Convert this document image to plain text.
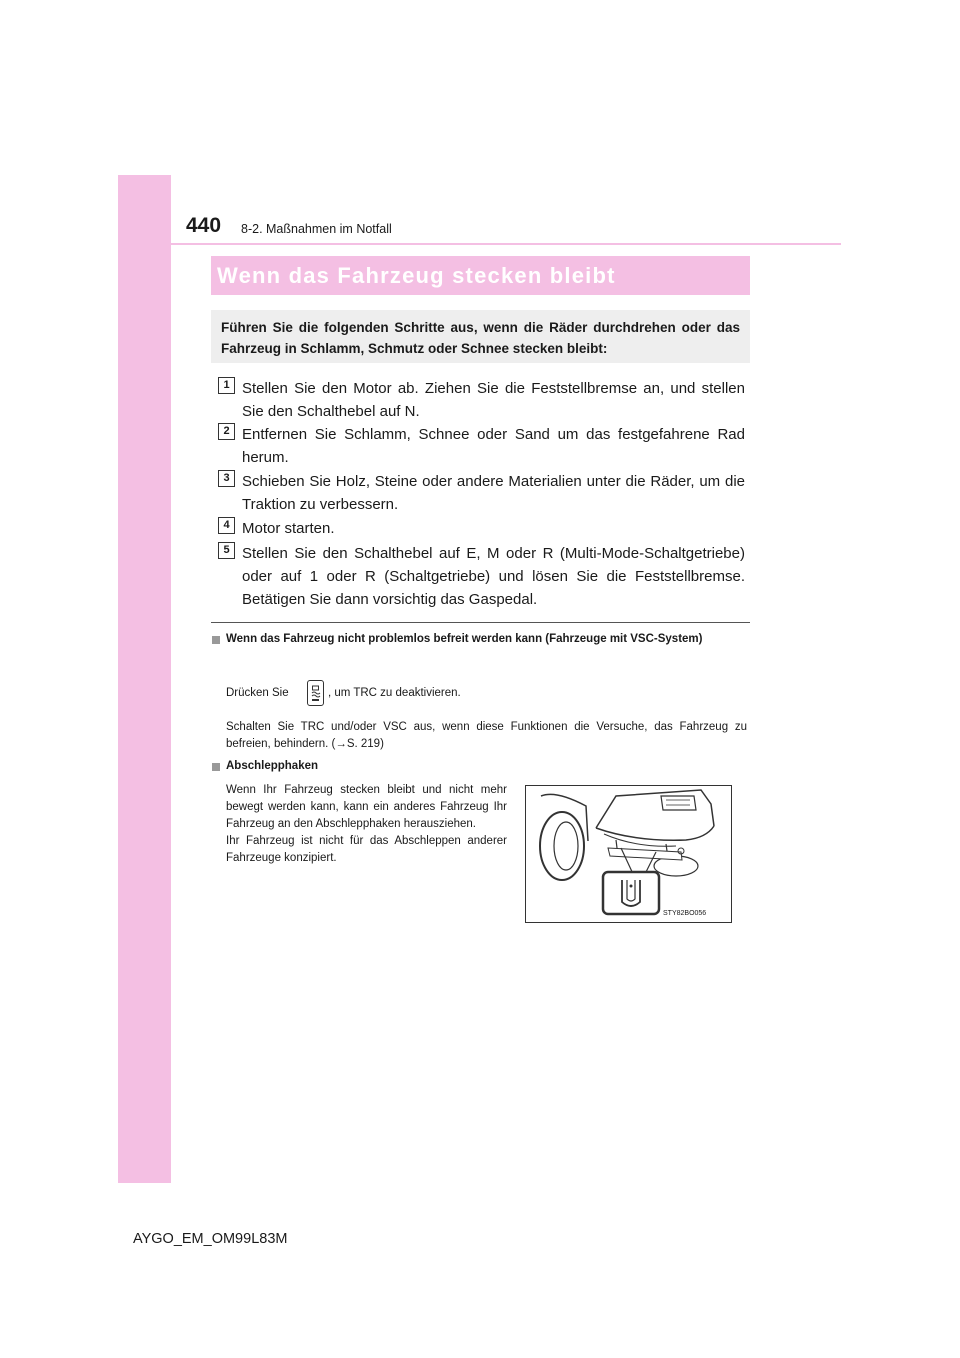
440 8-2. Maßnahmen im Notfall
Wenn das Fahrzeug stecken bleibt
Führen Sie die folgenden Schritte aus, wenn die Räder durchdrehen oder das Fahrzeug in Schlamm, Schmutz oder Schnee stecken bleibt:
1 Stellen Sie den Motor ab. Ziehen Sie die Feststellbremse an, und stellen Sie den Schalthebel auf N.
2 Entfernen Sie Schlamm, Schnee oder Sand um das festgefahrene Rad herum.
3 Schieben Sie Holz, Steine oder andere Materialien unter die Räder, um die Traktion zu verbessern.
4 Motor starten.
5 Stellen Sie den Schalthebel auf E, M oder R (Multi-Mode-Schaltgetriebe) oder auf 1 oder R (Schaltgetriebe) und lösen Sie die Feststellbremse. Betätigen Sie dann vorsichtig das Gaspedal.
Wenn das Fahrzeug nicht problemlos befreit werden kann (Fahrzeuge mit VSC-System)
Drücken Sie	, um TRC zu deaktivieren.
Schalten Sie TRC und/oder VSC aus, wenn diese Funktionen die Versuche, das Fahrzeug zu befreien, behindern. (→S. 219)
Abschlepphaken
Wenn Ihr Fahrzeug stecken bleibt und nicht mehr bewegt werden kann, kann ein anderes Fahrzeug Ihr Fahrzeug an den Abschlepphaken herausziehen.
Ihr Fahrzeug ist nicht für das Abschleppen anderer Fahrzeuge konzipiert.
STY82BO056
AYGO_EM_OM99L83M
